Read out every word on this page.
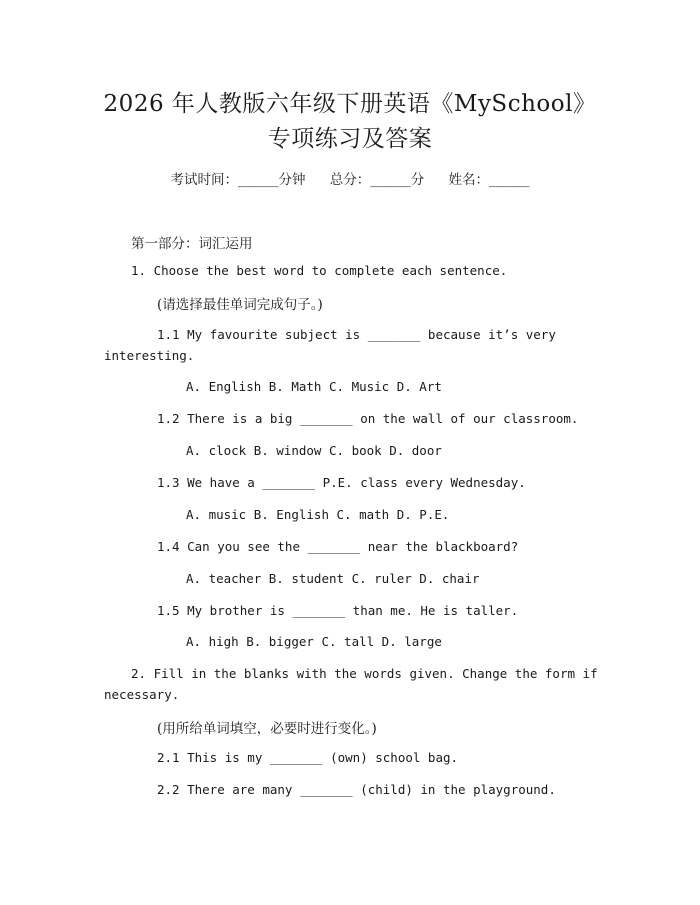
2026 年人教版六年级下册英语《MySchool》
专项练习及答案
考试时间：______分钟 总分：______分 姓名：______
第一部分：词汇运用
1. Choose the best word to complete each sentence.
(请选择最佳单词完成句子。)
1.1 My favourite subject is _______ because it’s very
interesting.
A. English B. Math C. Music D. Art
1.2 There is a big _______ on the wall of our classroom.
A. clock B. window C. book D. door
1.3 We have a _______ P.E. class every Wednesday.
A. music B. English C. math D. P.E.
1.4 Can you see the _______ near the blackboard?
A. teacher B. student C. ruler D. chair
1.5 My brother is _______ than me. He is taller.
A. high B. bigger C. tall D. large
2. Fill in the blanks with the words given. Change the form if
necessary.
(用所给单词填空，必要时进行变化。)
2.1 This is my _______ (own) school bag.
2.2 There are many _______ (child) in the playground.
